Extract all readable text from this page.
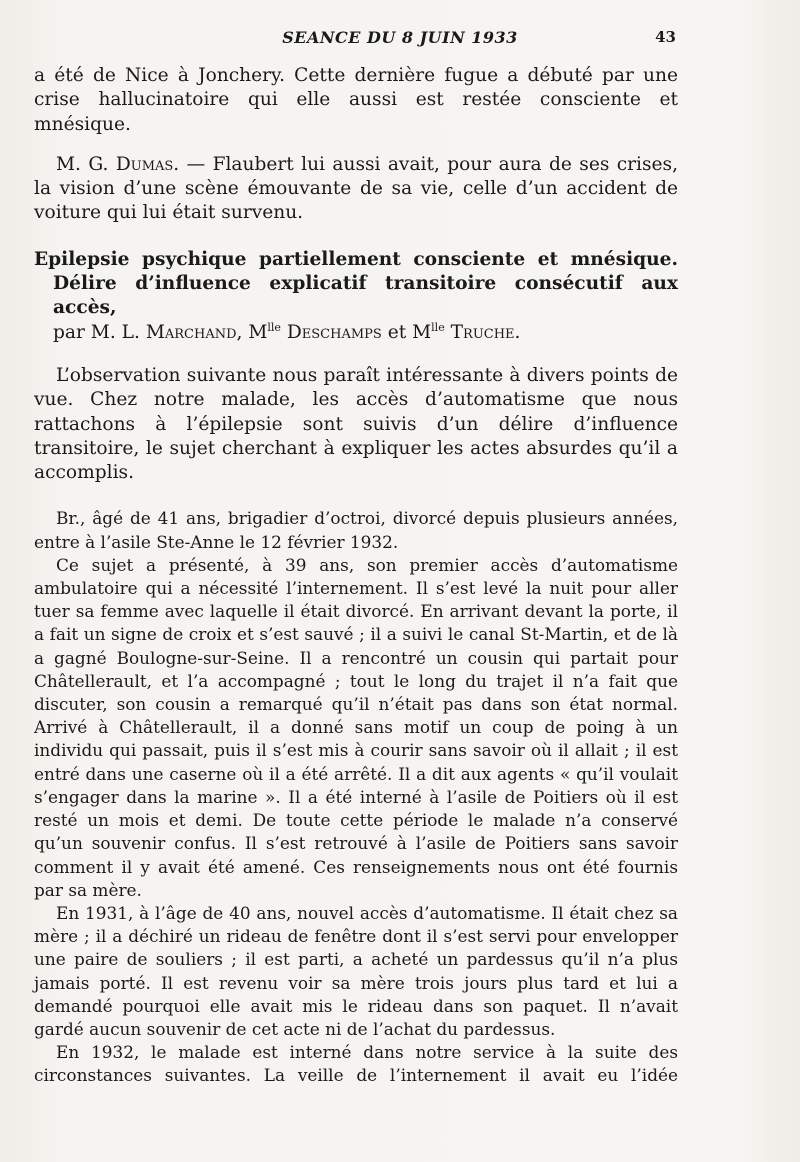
SEANCE DU 8 JUIN 1933	43

a été de Nice à Jonchery. Cette dernière fugue a débuté par une crise hallucinatoire qui elle aussi est restée consciente et mnésique.

M. G. Dumas. — Flaubert lui aussi avait, pour aura de ses crises, la vision d’une scène émouvante de sa vie, celle d’un accident de voiture qui lui était survenu.

Epilepsie psychique partiellement consciente et mnésique.
Délire d’influence explicatif transitoire consécutif aux accès,
par M. L. Marchand, $M^{lle}$ Deschamps et $M^{lle}$ Truche.

L’observation suivante nous paraît intéressante à divers points de vue. Chez notre malade, les accès d’automatisme que nous rattachons à l’épilepsie sont suivis d’un délire d’influence transitoire, le sujet cherchant à expliquer les actes absurdes qu’il a accomplis.

Br., âgé de 41 ans, brigadier d’octroi, divorcé depuis plusieurs années, entre à l’asile Ste-Anne le 12 février 1932.

Ce sujet a présenté, à 39 ans, son premier accès d’automatisme ambulatoire qui a nécessité l’internement. Il s’est levé la nuit pour aller tuer sa femme avec laquelle il était divorcé. En arrivant devant la porte, il a fait un signe de croix et s’est sauvé ; il a suivi le canal St-Martin, et de là a gagné Boulogne-sur-Seine. Il a rencontré un cousin qui partait pour Châtellerault, et l’a accompagné ; tout le long du trajet il n’a fait que discuter, son cousin a remarqué qu’il n’était pas dans son état normal. Arrivé à Châtellerault, il a donné sans motif un coup de poing à un individu qui passait, puis il s’est mis à courir sans savoir où il allait ; il est entré dans une caserne où il a été arrêté. Il a dit aux agents « qu’il voulait s’engager dans la marine ». Il a été interné à l’asile de Poitiers où il est resté un mois et demi. De toute cette période le malade n’a conservé qu’un souvenir confus. Il s’est retrouvé à l’asile de Poitiers sans savoir comment il y avait été amené. Ces renseignements nous ont été fournis par sa mère.

En 1931, à l’âge de 40 ans, nouvel accès d’automatisme. Il était chez sa mère ; il a déchiré un rideau de fenêtre dont il s’est servi pour envelopper une paire de souliers ; il est parti, a acheté un pardessus qu’il n’a plus jamais porté. Il est revenu voir sa mère trois jours plus tard et lui a demandé pourquoi elle avait mis le rideau dans son paquet. Il n’avait gardé aucun souvenir de cet acte ni de l’achat du pardessus.

En 1932, le malade est interné dans notre service à la suite des circonstances suivantes. La veille de l’internement il avait eu l’idée
